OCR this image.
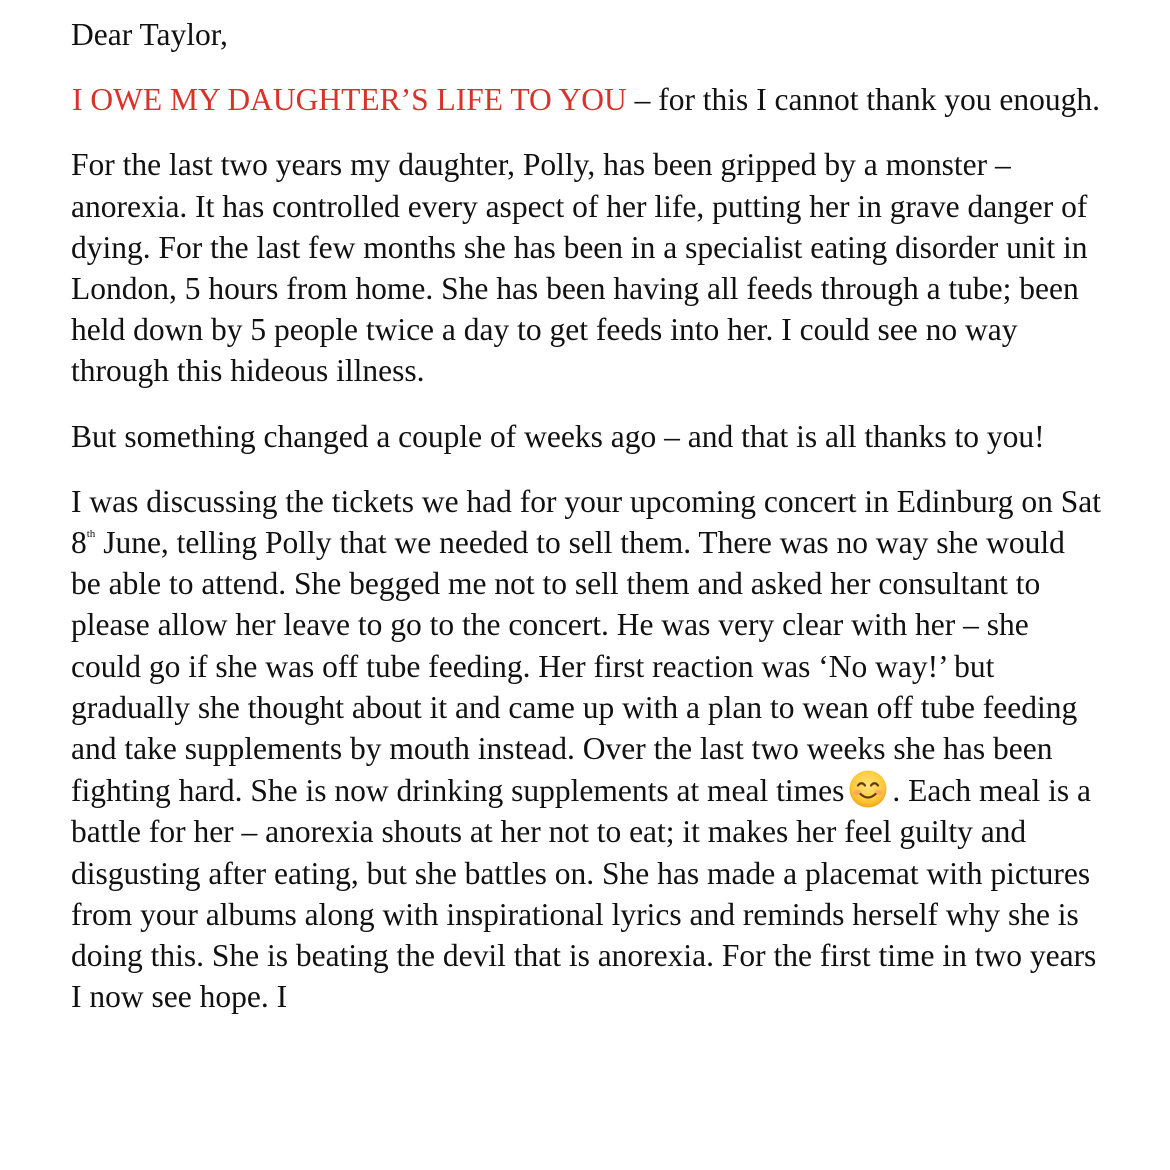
Dear Taylor,

I OWE MY DAUGHTER’S LIFE TO YOU – for this I cannot thank you enough.

For the last two years my daughter, Polly, has been gripped by a monster – anorexia. It has controlled every aspect of her life, putting her in grave danger of dying. For the last few months she has been in a specialist eating disorder unit in London, 5 hours from home. She has been having all feeds through a tube; been held down by 5 people twice a day to get feeds into her. I could see no way through this hideous illness.

But something changed a couple of weeks ago – and that is all thanks to you!

I was discussing the tickets we had for your upcoming concert in Edinburg on Sat 8th June, telling Polly that we needed to sell them. There was no way she would be able to attend. She begged me not to sell them and asked her consultant to please allow her leave to go to the concert. He was very clear with her – she could go if she was off tube feeding. Her first reaction was ‘No way!’ but gradually she thought about it and came up with a plan to wean off tube feeding and take supplements by mouth instead. Over the last two weeks she has been fighting hard. She is now drinking supplements at meal times . Each meal is a battle for her – anorexia shouts at her not to eat; it makes her feel guilty and disgusting after eating, but she battles on. She has made a placemat with pictures from your albums along with inspirational lyrics and reminds herself why she is doing this. She is beating the devil that is anorexia. For the first time in two years I now see hope. I
